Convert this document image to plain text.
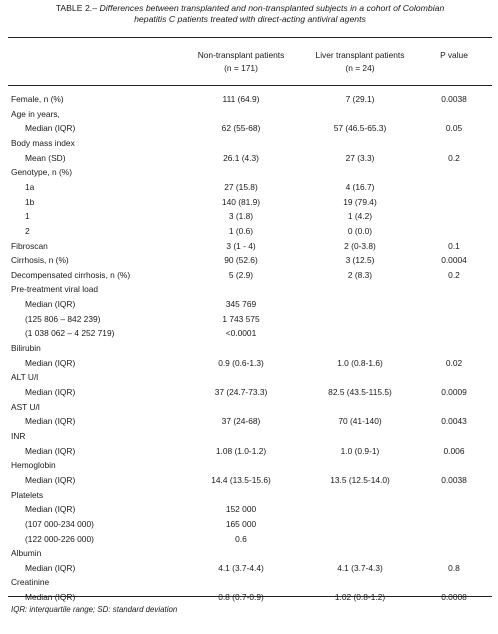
TABLE 2.– Differences between transplanted and non-transplanted subjects in a cohort of Colombian
hepatitis C patients treated with direct-acting antiviral agents
Non-transplant patients
(n = 171)
Liver transplant patients
(n = 24)
P value
Female, n (%)	111 (64.9)	7 (29.1)	0.0038
Age in years,
Median (IQR)	62 (55-68)	57 (46.5-65.3)	0.05
Body mass index
Mean (SD)	26.1 (4.3)	27 (3.3)	0.2
Genotype, n (%)
1a	27 (15.8)	4 (16.7)
1b	140 (81.9)	19 (79.4)
1	3 (1.8)	1 (4.2)
2	1 (0.6)	0 (0.0)
Fibroscan	3 (1 - 4)	2 (0-3.8)	0.1
Cirrhosis, n (%)	90 (52.6)	3 (12.5)	0.0004
Decompensated cirrhosis, n (%)	5 (2.9)	2 (8.3)	0.2
Pre-treatment viral load
Median (IQR)	345 769
(125 806 – 842 239)	1 743 575
(1 038 062 – 4 252 719)	<0.0001
Bilirubin
Median (IQR)	0.9 (0.6-1.3)	1.0 (0.8-1.6)	0.02
ALT U/l
Median (IQR)	37 (24.7-73.3)	82.5 (43.5-115.5)	0.0009
AST U/l
Median (IQR)	37 (24-68)	70 (41-140)	0.0043
INR
Median (IQR)	1.08 (1.0-1.2)	1.0 (0.9-1)	0.006
Hemoglobin
Median (IQR)	14.4 (13.5-15.6)	13.5 (12.5-14.0)	0.0038
Platelets
Median (IQR)	152 000
(107 000-234 000)	165 000
(122 000-226 000)	0.6
Albumin
Median (IQR)	4.1 (3.7-4.4)	4.1 (3.7-4.3)	0.8
Creatinine
Median (IQR)	0.8 (0.7-0.9)	1.02 (0.8-1.2)	0.0008
IQR: interquartile range; SD: standard deviation
